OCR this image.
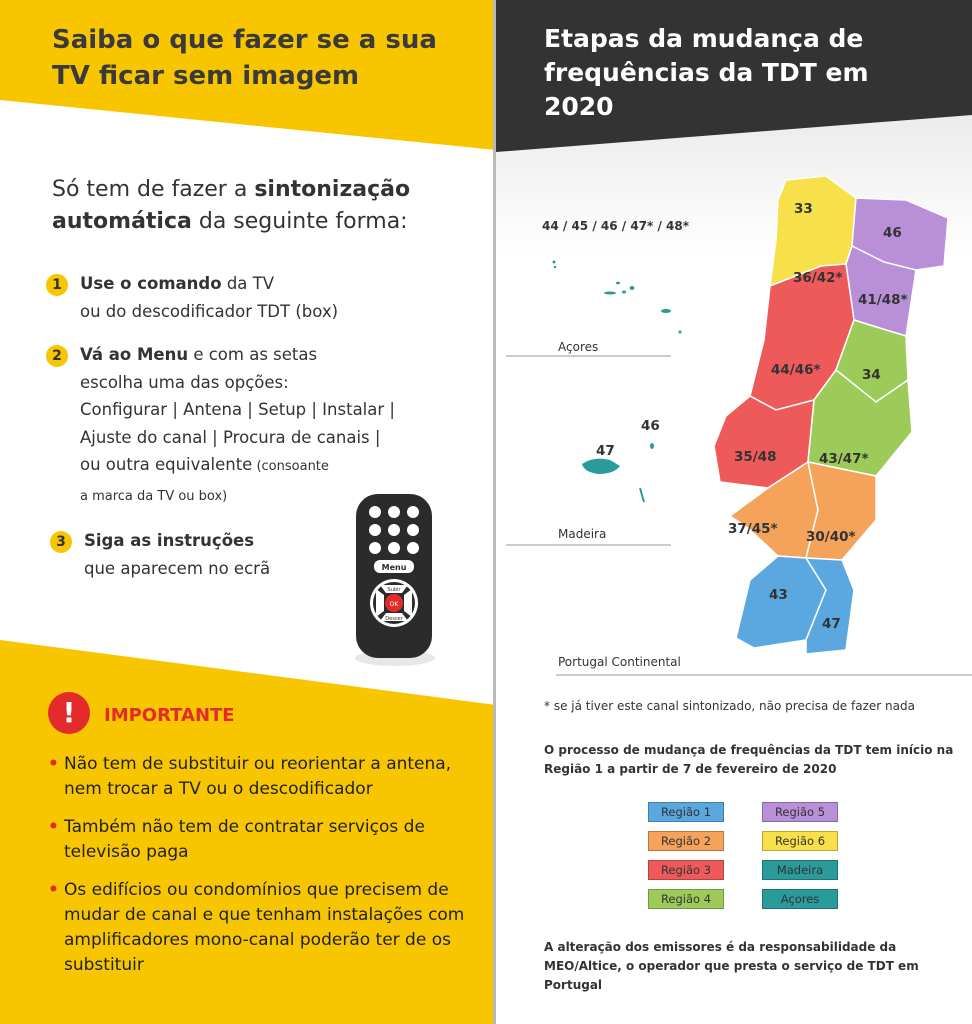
Saiba o que fazer se a sua TV ficar sem imagem

Só tem de fazer a sintonização automática da seguinte forma:

1	Use o comando da TV
ou do descodificador TDT (box)
2	Vá ao Menu e com as setas
escolha uma das opções:
Configurar | Antena | Setup | Instalar |
Ajuste do canal | Procura de canais |
ou outra equivalente (consoante
a marca da TV ou box)
3	Siga as instruções
que aparecem no ecrã	Menu
Subir
Descer
OK
!	IMPORTANTE
• Não tem de substituir ou reorientar a antena, nem trocar a TV ou o descodificador
• Também não tem de contratar serviços de televisão paga
• Os edifícios ou condomínios que precisem de mudar de canal e que tenham instalações com amplificadores mono-canal poderão ter de os substituir
Etapas da mudança de frequências da TDT em 2020
44 / 45 / 46 / 47* / 48*
Açores
46
47
Madeira
33
46
36/42*
41/48*
44/46*	34
35/48	43/47*
37/45* 30/40*
43
47
Portugal Continental
* se já tiver este canal sintonizado, não precisa de fazer nada
O processo de mudança de frequências da TDT tem início na Região 1 a partir de 7 de fevereiro de 2020
Região 1	Região 5
Região 2	Região 6
Região 3	Madeira
Região 4	Açores
A alteração dos emissores é da responsabilidade da MEO/Altice, o operador que presta o serviço de TDT em Portugal
